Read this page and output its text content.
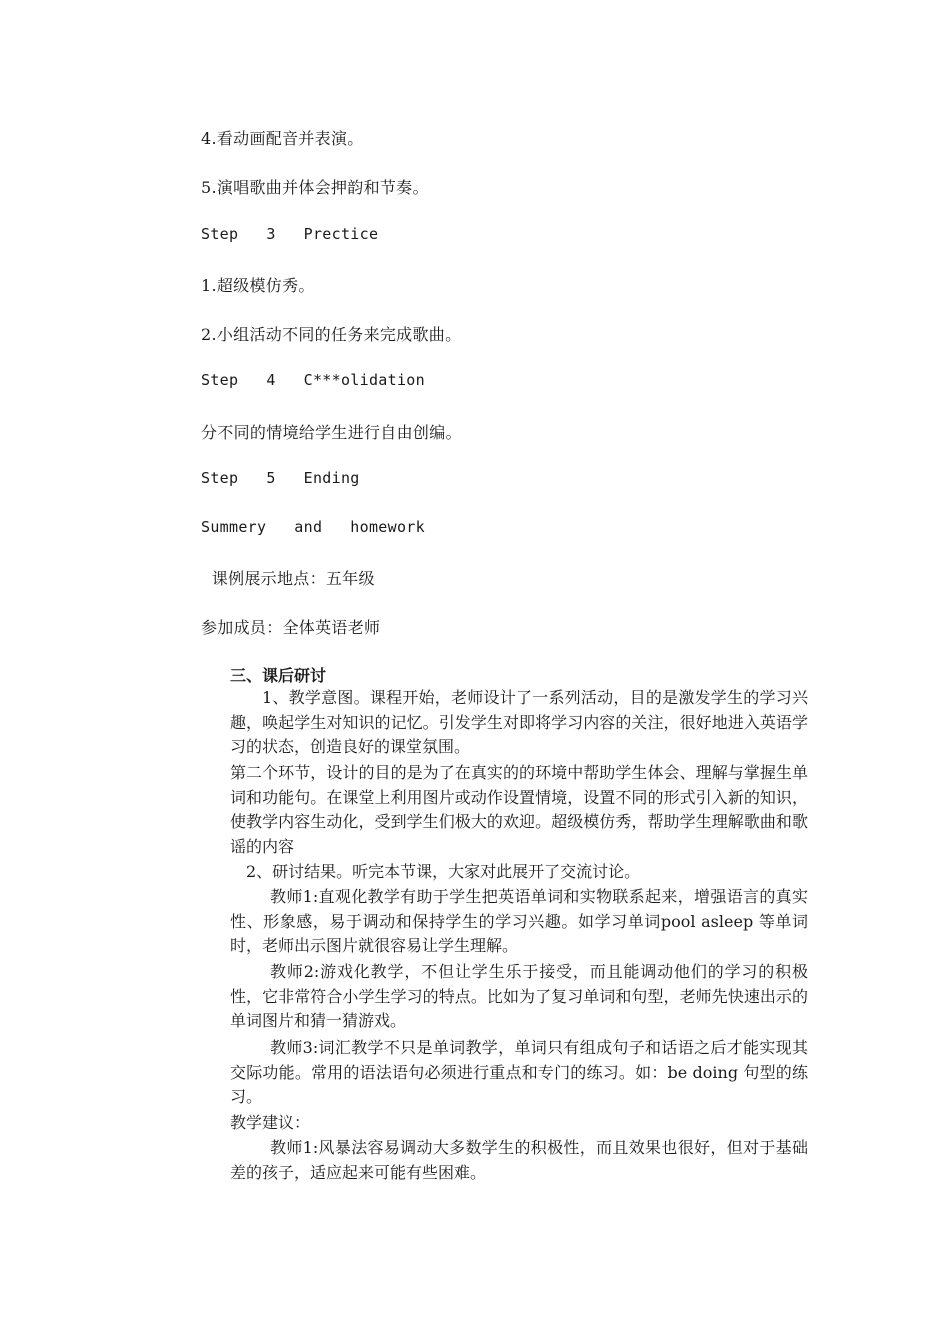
4.看动画配音并表演。
5.演唱歌曲并体会押韵和节奏。
Step   3   Prectice
1.超级模仿秀。
2.小组活动不同的任务来完成歌曲。
Step   4   C***olidation
分不同的情境给学生进行自由创编。
Step   5   Ending
Summery   and   homework
课例展示地点：五年级
参加成员：全体英语老师
三、课后研讨
1、教学意图。课程开始，老师设计了一系列活动，目的是激发学生的学习兴趣，唤起学生对知识的记忆。引发学生对即将学习内容的关注，很好地进入英语学习的状态，创造良好的课堂氛围。
第二个环节，设计的目的是为了在真实的的环境中帮助学生体会、理解与掌握生单词和功能句。在课堂上利用图片或动作设置情境，设置不同的形式引入新的知识，使教学内容生动化，受到学生们极大的欢迎。超级模仿秀，帮助学生理解歌曲和歌谣的内容
2、研讨结果。听完本节课，大家对此展开了交流讨论。
教师1:直观化教学有助于学生把英语单词和实物联系起来，增强语言的真实性、形象感，易于调动和保持学生的学习兴趣。如学习单词pool asleep 等单词时，老师出示图片就很容易让学生理解。
教师2:游戏化教学，不但让学生乐于接受，而且能调动他们的学习的积极性，它非常符合小学生学习的特点。比如为了复习单词和句型，老师先快速出示的单词图片和猜一猜游戏。
教师3:词汇教学不只是单词教学，单词只有组成句子和话语之后才能实现其交际功能。常用的语法语句必须进行重点和专门的练习。如：be doing 句型的练习。
教学建议：
教师1:风暴法容易调动大多数学生的积极性，而且效果也很好，但对于基础差的孩子，适应起来可能有些困难。
